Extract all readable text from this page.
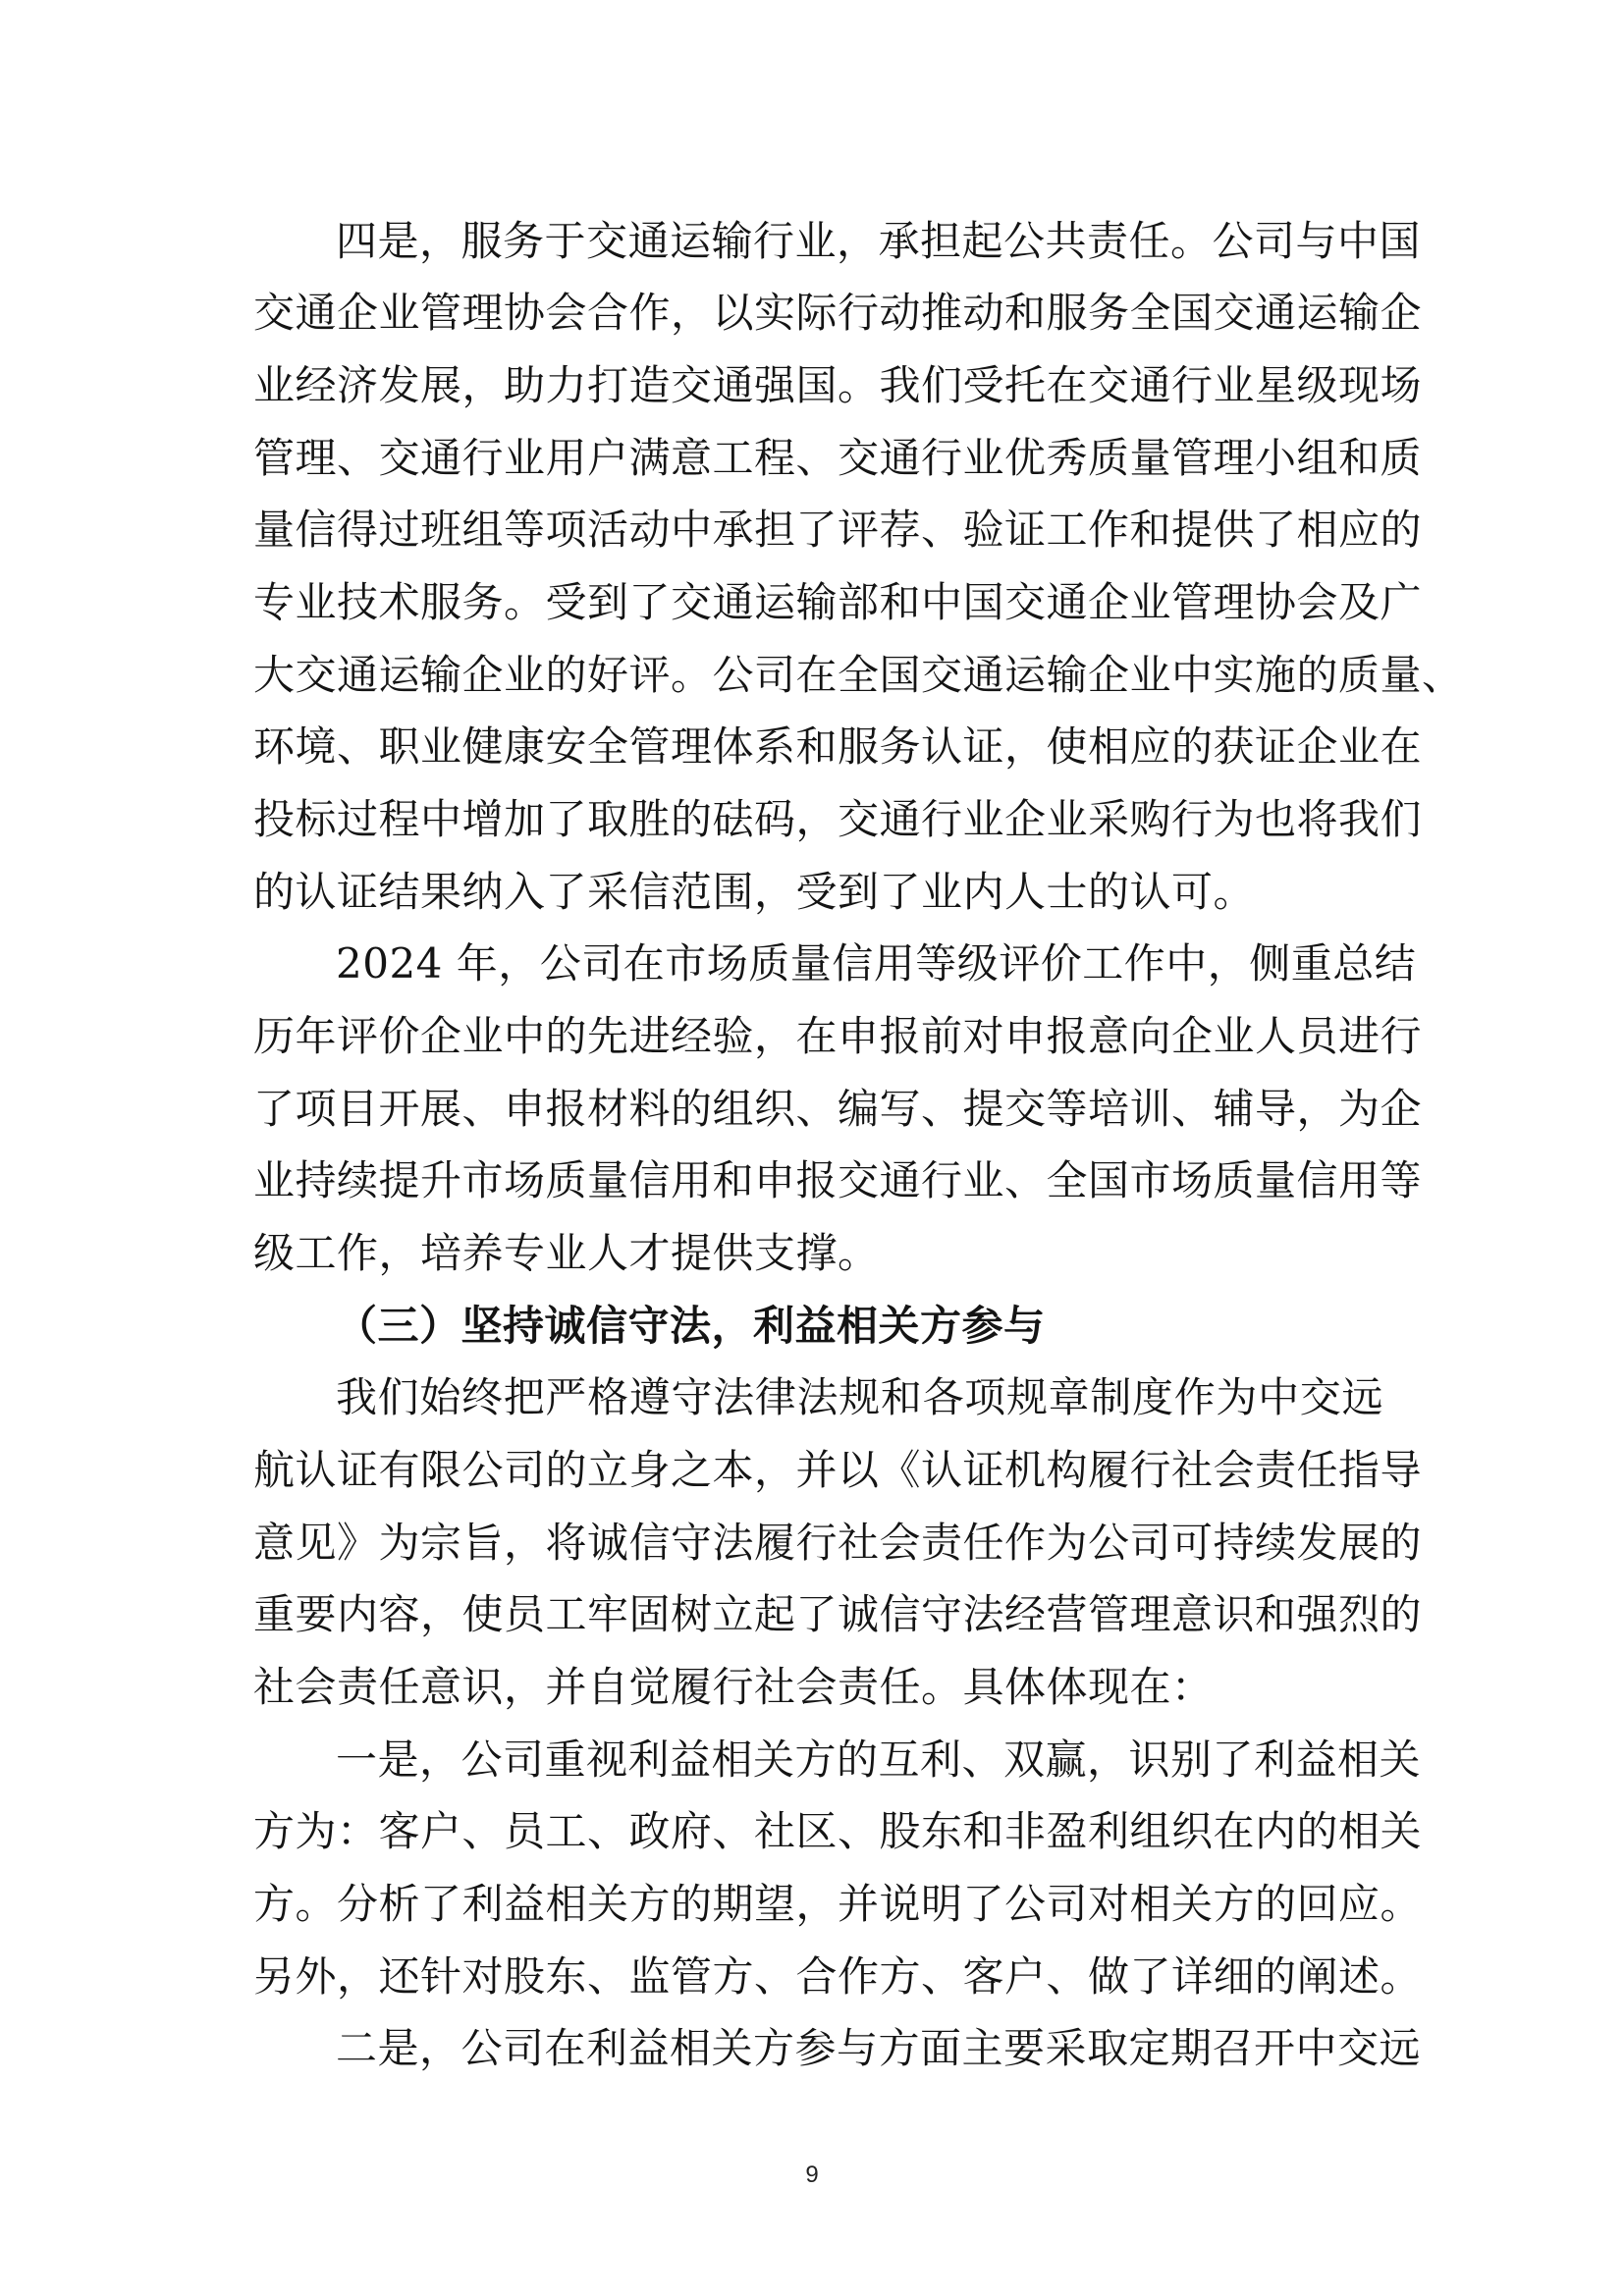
四是，服务于交通运输行业，承担起公共责任。公司与中国

交通企业管理协会合作，以实际行动推动和服务全国交通运输企

业经济发展，助力打造交通强国。我们受托在交通行业星级现场

管理、交通行业用户满意工程、交通行业优秀质量管理小组和质

量信得过班组等项活动中承担了评荐、验证工作和提供了相应的

专业技术服务。受到了交通运输部和中国交通企业管理协会及广

大交通运输企业的好评。公司在全国交通运输企业中实施的质量、

环境、职业健康安全管理体系和服务认证，使相应的获证企业在

投标过程中增加了取胜的砝码，交通行业企业采购行为也将我们

的认证结果纳入了采信范围，受到了业内人士的认可。

2024 年，公司在市场质量信用等级评价工作中，侧重总结

历年评价企业中的先进经验，在申报前对申报意向企业人员进行

了项目开展、申报材料的组织、编写、提交等培训、辅导，为企

业持续提升市场质量信用和申报交通行业、全国市场质量信用等

级工作，培养专业人才提供支撑。

（三）坚持诚信守法，利益相关方参与

我们始终把严格遵守法律法规和各项规章制度作为中交远

航认证有限公司的立身之本，并以《认证机构履行社会责任指导

意见》为宗旨，将诚信守法履行社会责任作为公司可持续发展的

重要内容，使员工牢固树立起了诚信守法经营管理意识和强烈的

社会责任意识，并自觉履行社会责任。具体体现在：

一是，公司重视利益相关方的互利、双赢，识别了利益相关

方为：客户、员工、政府、社区、股东和非盈利组织在内的相关

方。分析了利益相关方的期望，并说明了公司对相关方的回应。

另外，还针对股东、监管方、合作方、客户、做了详细的阐述。

二是，公司在利益相关方参与方面主要采取定期召开中交远

9
